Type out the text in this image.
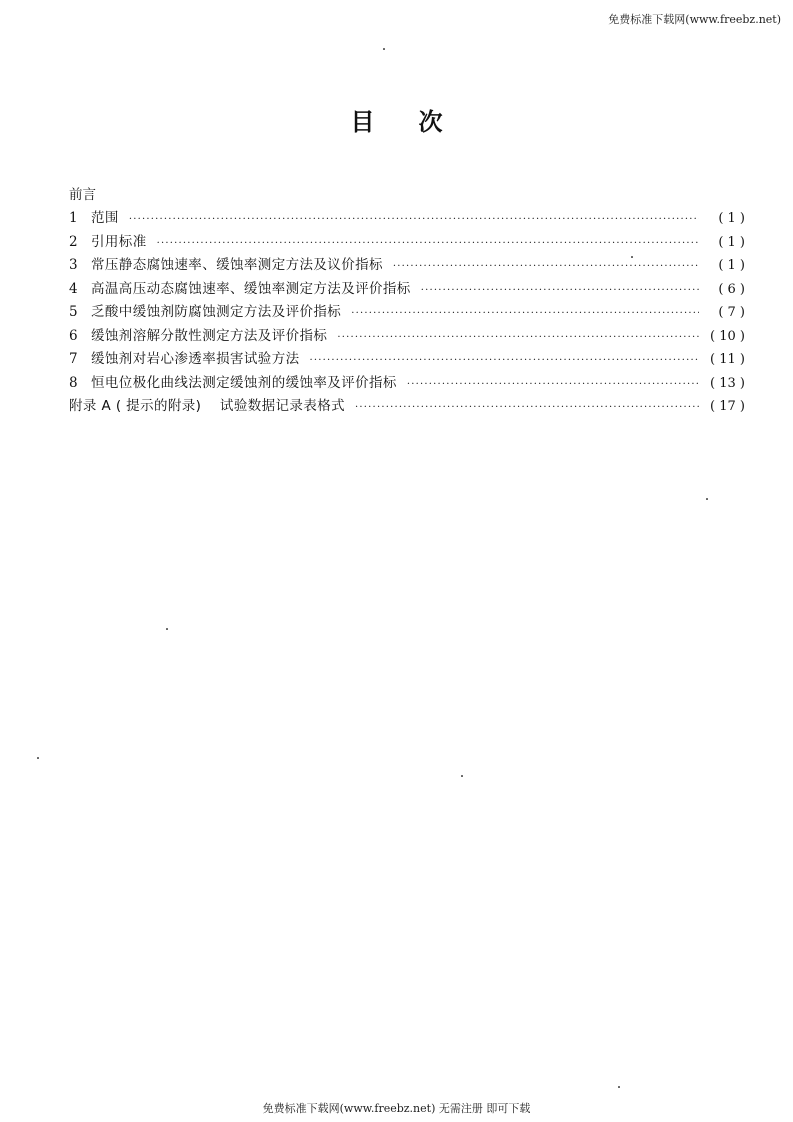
免费标准下载网(www.freebz.net)
目次
前言
1 范围 ·····	( 1 )
2 引用标准 ·····	( 1 )
3 常压静态腐蚀速率、缓蚀率测定方法及议价指标 ·····	( 1 )
4 高温高压动态腐蚀速率、缓蚀率测定方法及评价指标 ·····	( 6 )
5 乏酸中缓蚀剂防腐蚀测定方法及评价指标 ·····	( 7 )
6 缓蚀剂溶解分散性测定方法及评价指标 ·····	( 10 )
7 缓蚀剂对岩心渗透率损害试验方法 ·····	( 11 )
8 恒电位极化曲线法测定缓蚀剂的缓蚀率及评价指标 ·····	( 13 )
附录 A ( 提示的附录)　 试验数据记录表格式 ·····	( 17 )
免费标准下载网(www.freebz.net) 无需注册 即可下载
